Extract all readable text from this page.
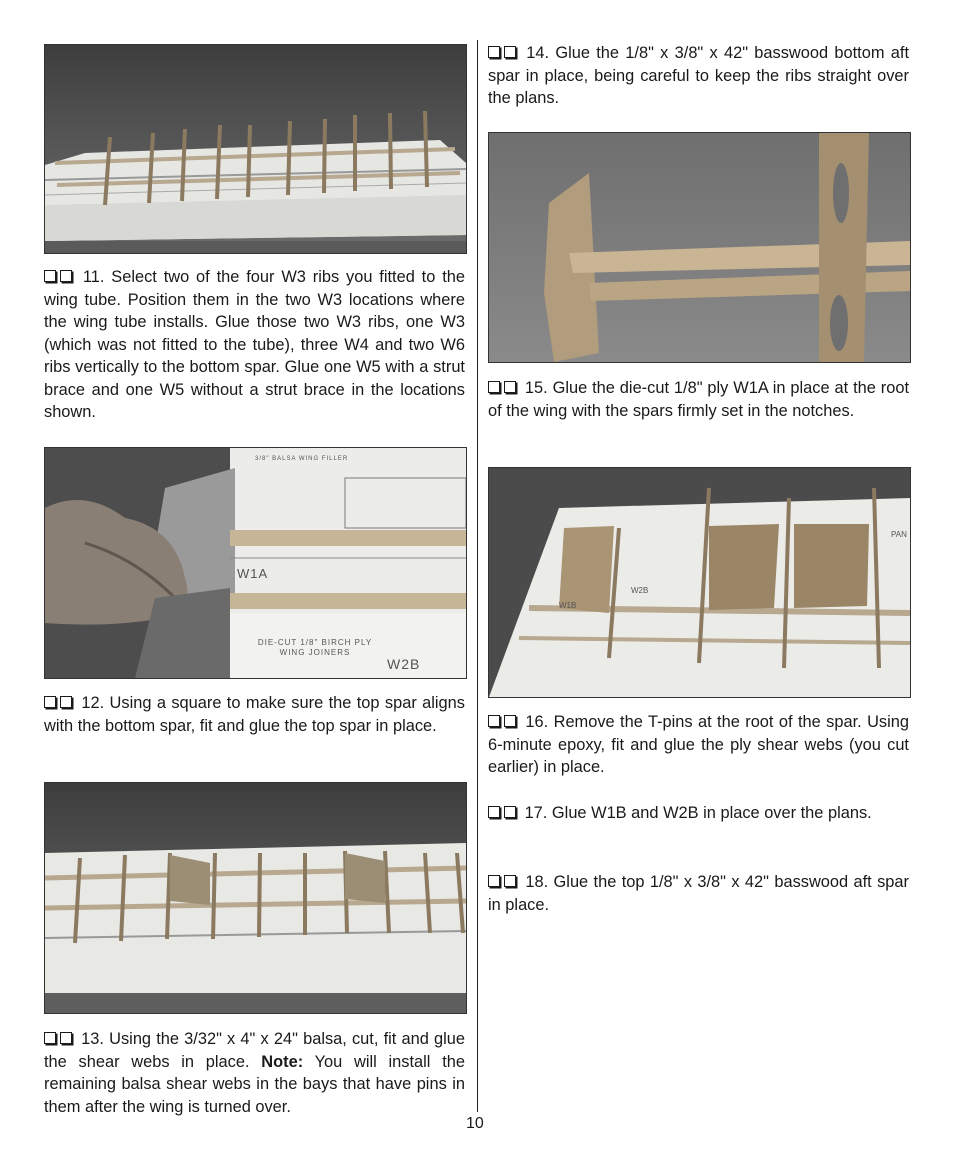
11. Select two of the four W3 ribs you fitted to the wing tube. Position them in the two W3 locations where the wing tube installs. Glue those two W3 ribs, one W3 (which was not fitted to the tube), three W4 and two W6 ribs vertically to the bottom spar. Glue one W5 with a strut brace and one W5 without a strut brace in the locations shown.

3/8" BALSA WING FILLER
W1A
DIE-CUT 1/8" BIRCH PLY WING JOINERS
W2B

12. Using a square to make sure the top spar aligns with the bottom spar, fit and glue the top spar in place.

13. Using the 3/32" x 4" x 24" balsa, cut, fit and glue the shear webs in place. Note: You will install the remaining balsa shear webs in the bays that have pins in them after the wing is turned over.

14. Glue the 1/8" x 3/8" x 42" basswood bottom aft spar in place, being careful to keep the ribs straight over the plans.

15. Glue the die-cut 1/8" ply W1A in place at the root of the wing with the spars firmly set in the notches.

W1B
W2B
PAN

16. Remove the T-pins at the root of the spar. Using 6-minute epoxy, fit and glue the ply shear webs (you cut earlier) in place.

17. Glue W1B and W2B in place over the plans.

18. Glue the top 1/8" x 3/8" x 42" basswood aft spar in place.

10
